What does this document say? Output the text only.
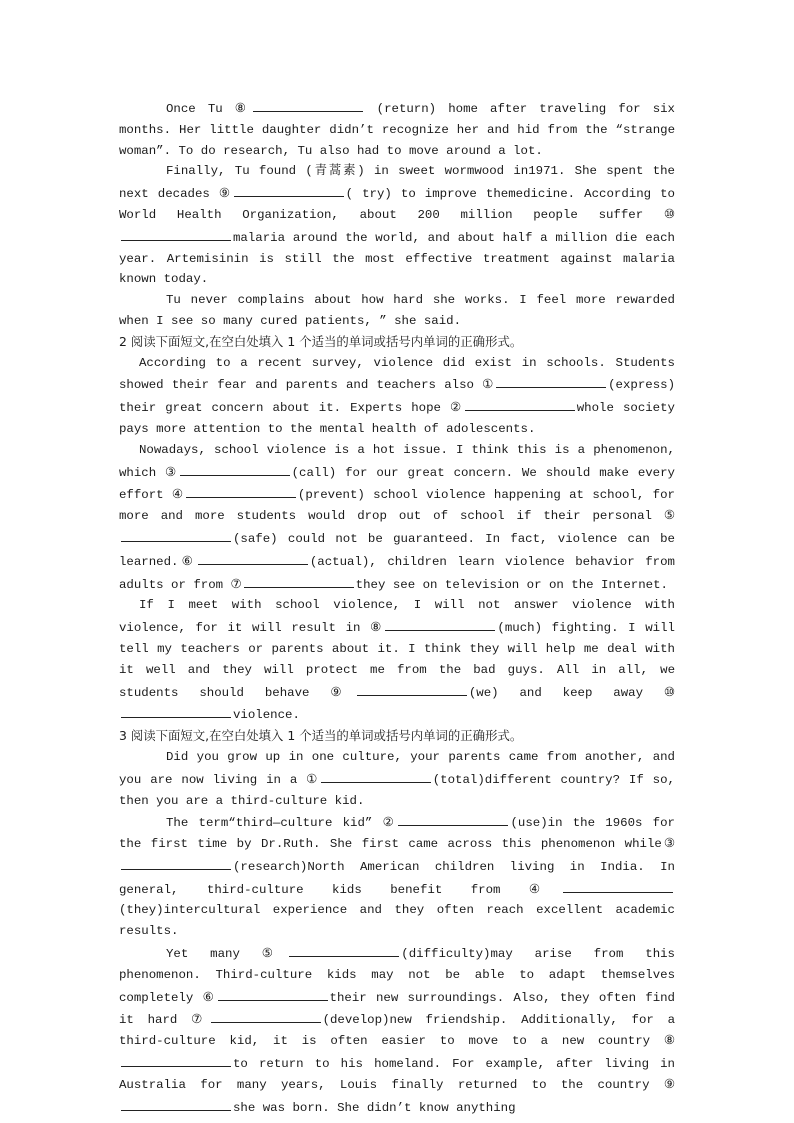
Once Tu ⑧	(return) home after traveling for six months. Her little daughter didn’t recognize her and hid from the “strange woman”. To do research, Tu also had to move around a lot.

Finally, Tu found (青蒿素) in sweet wormwood in1971. She spent the next decades ⑨	( try) to improve themedicine. According to World Health Organization, about 200 million people suffer ⑩malaria around the world, and about half a million die each year. Artemisinin is still the most effective treatment against malaria known today.

Tu never complains about how hard she works. I feel more rewarded when I see so many cured patients, ” she said.

2 阅读下面短文,在空白处填入 1 个适当的单词或括号内单词的正确形式。

According to a recent survey, violence did exist in schools. Students showed their fear and parents and teachers also ①	(express) their great concern about it. Experts hope ②	whole society pays more attention to the mental health of adolescents.

Nowadays, school violence is a hot issue. I think this is a phenomenon, which ③	(call) for our great concern. We should make every effort ④	(prevent) school violence happening at school, for more and more students would drop out of school if their personal ⑤(safe) could not be guaranteed. In fact, violence can be learned.⑥	(actual), children learn violence behavior from adults or from ⑦	they see on television or on the Internet.

If I meet with school violence, I will not answer violence with violence, for it will result in ⑧	(much) fighting. I will tell my teachers or parents about it. I think they will help me deal with it well and they will protect me from the bad guys. All in all, we students should behave ⑨	(we) and keep away ⑩violence.

3 阅读下面短文,在空白处填入 1 个适当的单词或括号内单词的正确形式。

Did you grow up in one culture, your parents came from another, and you are now living in a ①	(total)different country? If so, then you are a third-culture kid.

The term“third—culture kid” ②	(use)in the 1960s for the first time by Dr.Ruth. She first came across this phenomenon while③(research)North American children living in India. In general, third-culture kids benefit from ④(they)intercultural experience and they often reach excellent academic results.

Yet many ⑤	(difficulty)may arise from this phenomenon. Third-culture kids may not be able to adapt themselves completely ⑥	their new surroundings. Also, they often find it hard ⑦	(develop)new friendship. Additionally, for a third-culture kid, it is often easier to move to a new country ⑧to return to his homeland. For example, after living in Australia for many years, Louis finally returned to the country ⑨she was born. She didn’t know anything
